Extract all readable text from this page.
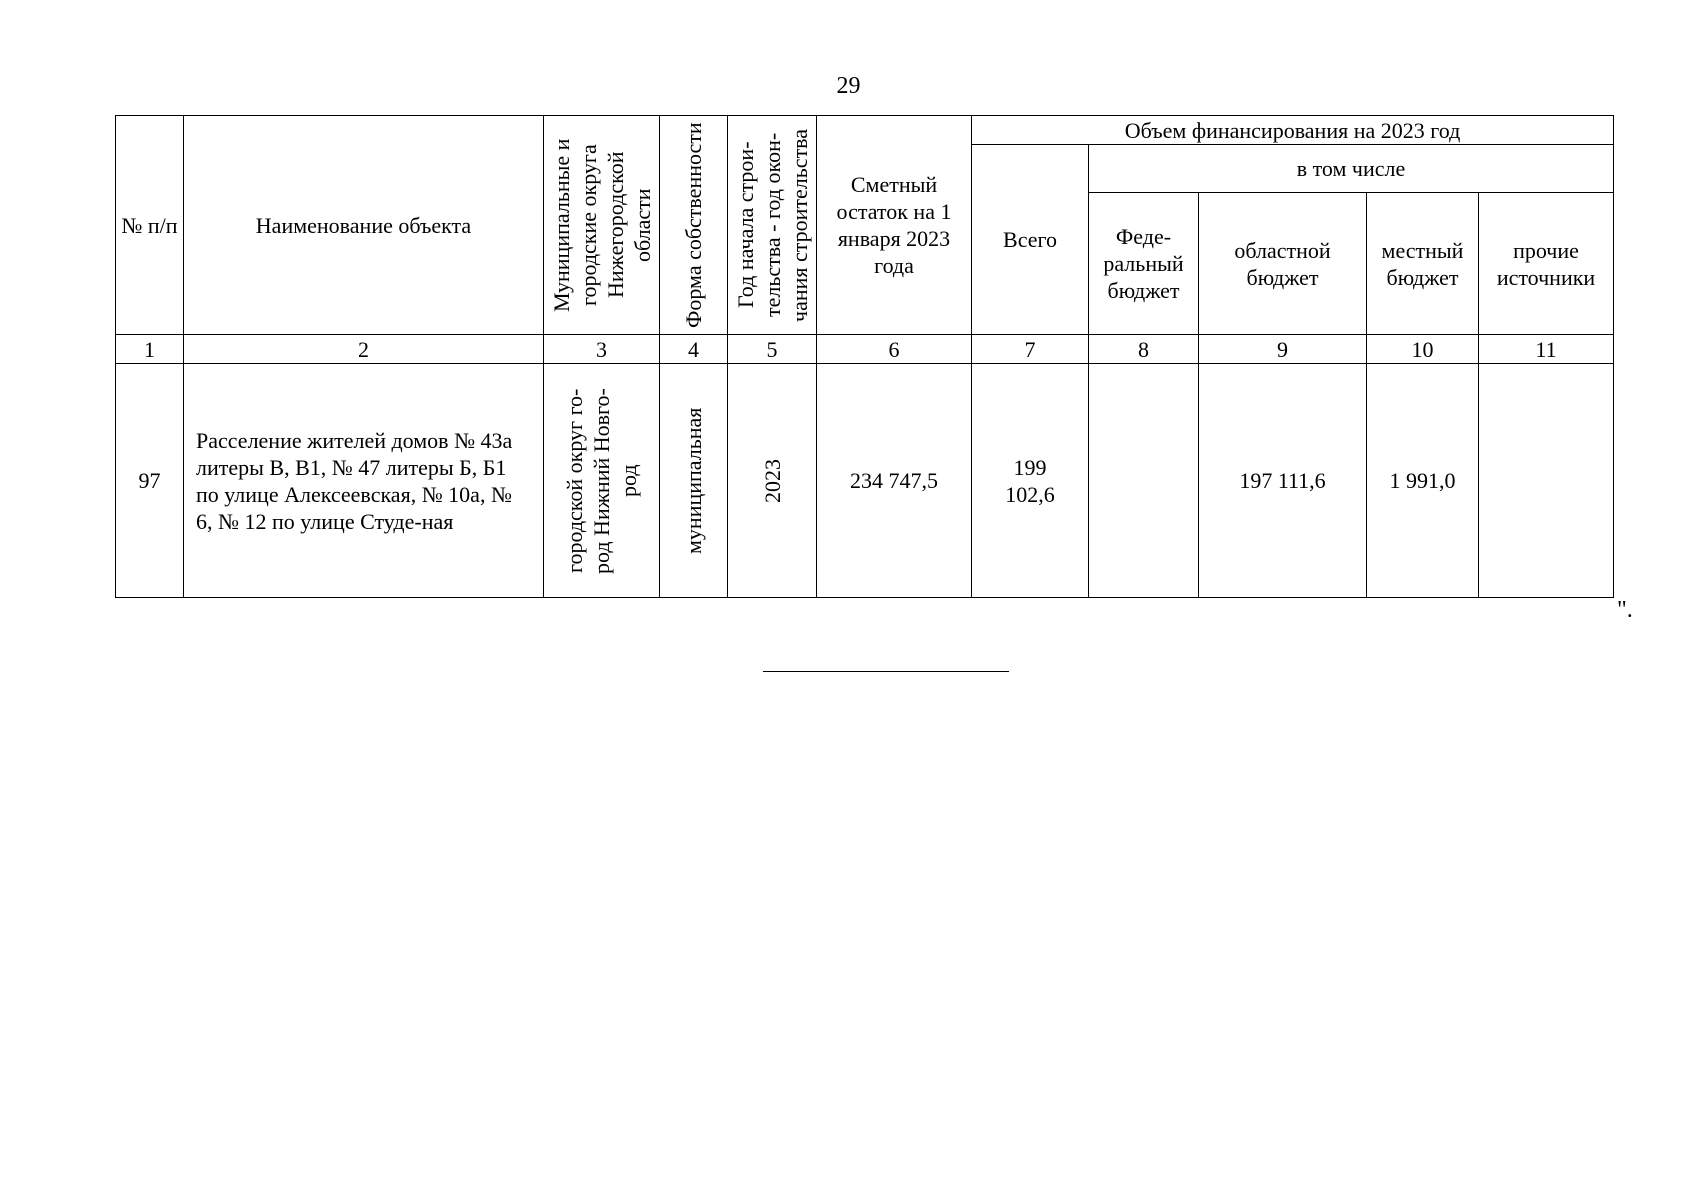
29
№ п/п	Наименование объекта	Муниципальные и городские округа Нижегородской области	Форма собственности	Год начала строи-тельства - год окон-чания строительства	Сметный остаток на 1 января 2023 года	Объем финансирования на 2023 год				
						Всего	в том числе			
							Феде-ральный бюджет	областной бюджет	местный бюджет	прочие источники
1	2	3	4	5	6	7	8	9	10	11
97	Расселение жителей домов № 43а литеры В, В1, № 47 литеры Б, Б1 по улице Алексеевская, № 10а, № 6, № 12 по улице Студе-ная	городской округ го-род Нижний Новго-род	муниципальная	2023	234 747,5	199 102,6		197 111,6	1 991,0	
".
